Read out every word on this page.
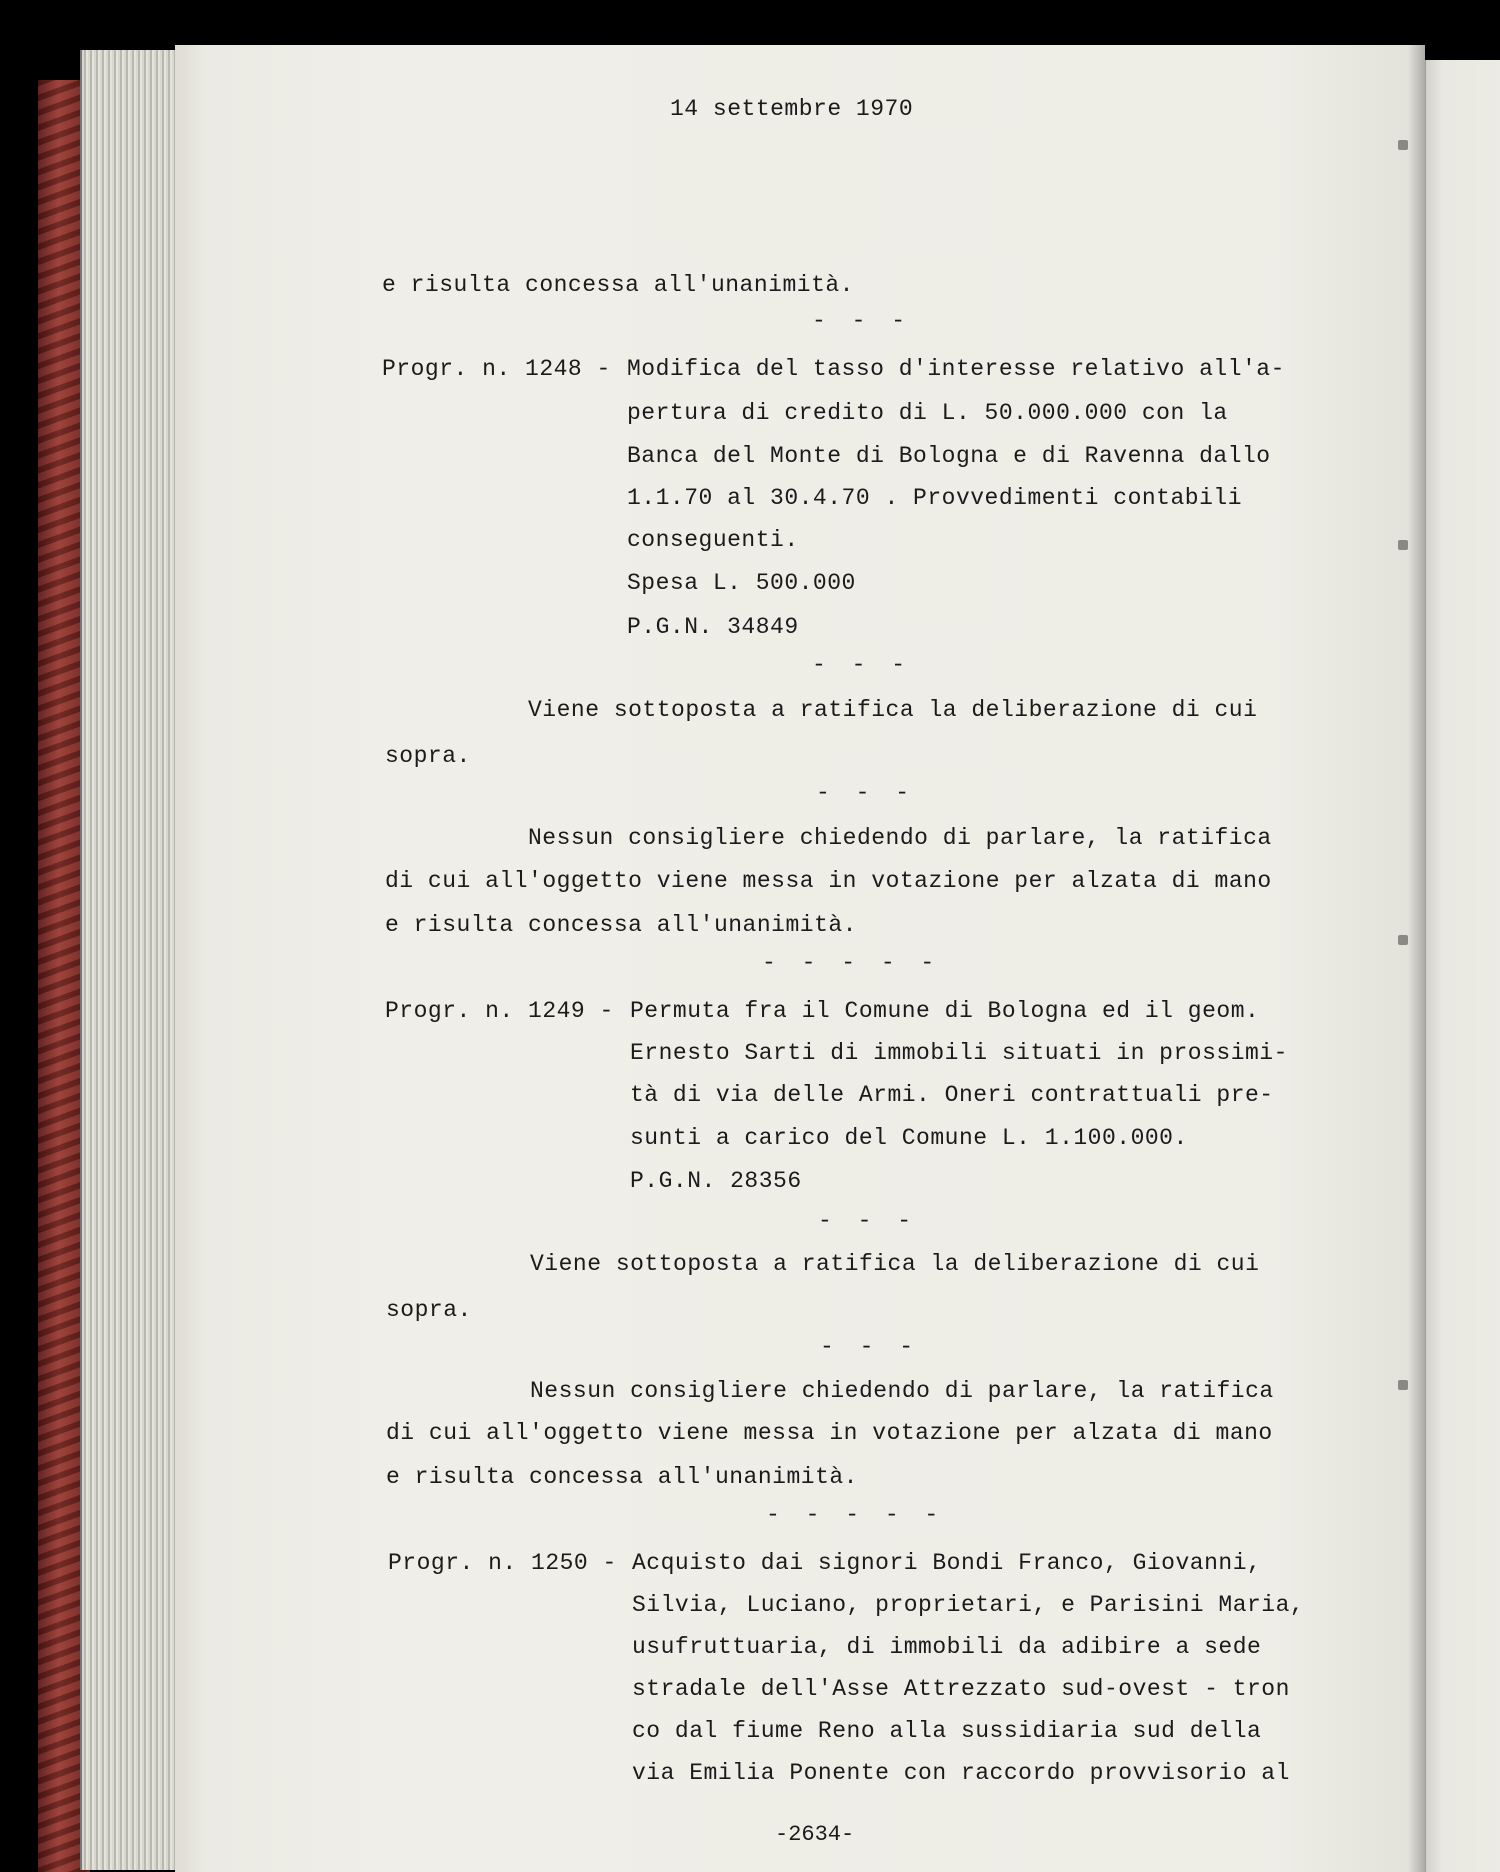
14 settembre 1970
e risulta concessa all'unanimità.
- - -
Progr. n. 1248 - Modifica del tasso d'interesse relativo all'a-
pertura di credito di L. 50.000.000 con la
Banca del Monte di Bologna e di Ravenna dallo
1.1.70 al 30.4.70 . Provvedimenti contabili
conseguenti.
Spesa L. 500.000
P.G.N. 34849
- - -
Viene sottoposta a ratifica la deliberazione di cui
sopra.
- - -
Nessun consigliere chiedendo di parlare, la ratifica
di cui all'oggetto viene messa in votazione per alzata di mano
e risulta concessa all'unanimità.
- - - - -
Progr. n. 1249 - Permuta fra il Comune di Bologna ed il geom.
Ernesto Sarti di immobili situati in prossimi-
tà di via delle Armi. Oneri contrattuali pre-
sunti a carico del Comune L. 1.100.000.
P.G.N. 28356
- - -
Viene sottoposta a ratifica la deliberazione di cui
sopra.
- - -
Nessun consigliere chiedendo di parlare, la ratifica
di cui all'oggetto viene messa in votazione per alzata di mano
e risulta concessa all'unanimità.
- - - - -
Progr. n. 1250 - Acquisto dai signori Bondi Franco, Giovanni,
Silvia, Luciano, proprietari, e Parisini Maria,
usufruttuaria, di immobili da adibire a sede
stradale dell'Asse Attrezzato sud-ovest - tron
co dal fiume Reno alla sussidiaria sud della
via Emilia Ponente con raccordo provvisorio al
-2634-
